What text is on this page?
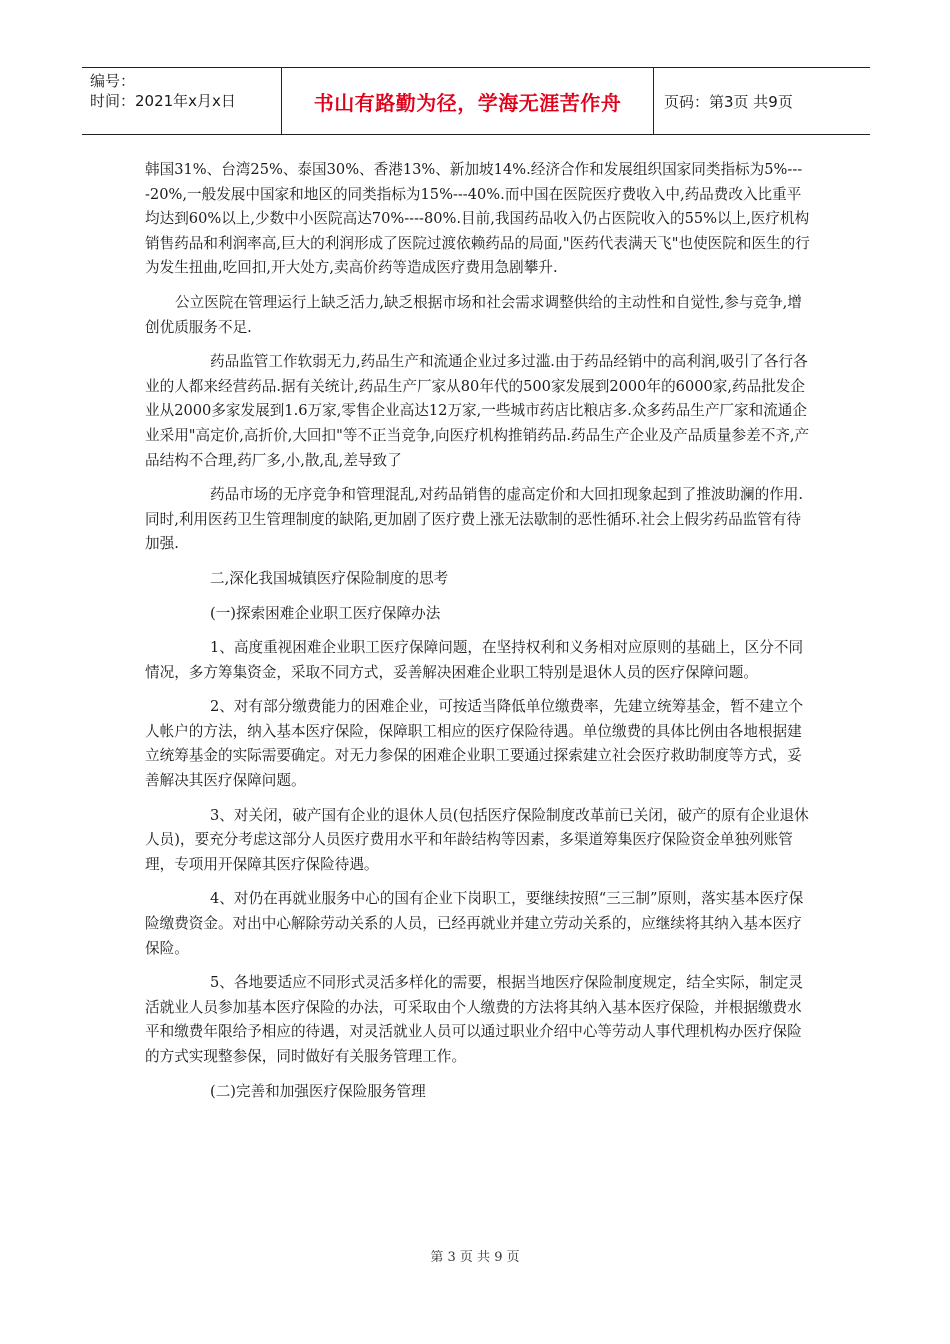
编号：
时间：2021年x月x日	书山有路勤为径，学海无涯苦作舟	页码：第3页 共9页

韩国31%、台湾25%、泰国30%、香港13%、新加坡14%.经济合作和发展组织国家同类指标为5%----20%,一般发展中国家和地区的同类指标为15%---40%.而中国在医院医疗费收入中,药品费改入比重平均达到60%以上,少数中小医院高达70%----80%.目前,我国药品收入仍占医院收入的55%以上,医疗机构销售药品和利润率高,巨大的利润形成了医院过渡依赖药品的局面,"医药代表满天飞"也使医院和医生的行为发生扭曲,吃回扣,开大处方,卖高价药等造成医疗费用急剧攀升.

公立医院在管理运行上缺乏活力,缺乏根据市场和社会需求调整供给的主动性和自觉性,参与竞争,增创优质服务不足.

药品监管工作软弱无力,药品生产和流通企业过多过滥.由于药品经销中的高利润,吸引了各行各业的人都来经营药品.据有关统计,药品生产厂家从80年代的500家发展到2000年的6000家,药品批发企业从2000多家发展到1.6万家,零售企业高达12万家,一些城市药店比粮店多.众多药品生产厂家和流通企业采用"高定价,高折价,大回扣"等不正当竞争,向医疗机构推销药品.药品生产企业及产品质量参差不齐,产品结构不合理,药厂多,小,散,乱,差导致了

药品市场的无序竞争和管理混乱,对药品销售的虚高定价和大回扣现象起到了推波助澜的作用.同时,利用医药卫生管理制度的缺陷,更加剧了医疗费上涨无法歇制的恶性循环.社会上假劣药品监管有待加强.

二,深化我国城镇医疗保险制度的思考

(一)探索困难企业职工医疗保障办法

1、高度重视困难企业职工医疗保障问题，在坚持权利和义务相对应原则的基础上，区分不同情况，多方筹集资金，采取不同方式，妥善解决困难企业职工特别是退休人员的医疗保障问题。

2、对有部分缴费能力的困难企业，可按适当降低单位缴费率，先建立统筹基金，暂不建立个人帐户的方法，纳入基本医疗保险，保障职工相应的医疗保险待遇。单位缴费的具体比例由各地根据建立统筹基金的实际需要确定。对无力参保的困难企业职工要通过探索建立社会医疗救助制度等方式，妥善解决其医疗保障问题。

3、对关闭，破产国有企业的退休人员(包括医疗保险制度改革前已关闭，破产的原有企业退休人员)，要充分考虑这部分人员医疗费用水平和年龄结构等因素，多渠道筹集医疗保险资金单独列账管理，专项用开保障其医疗保险待遇。

4、对仍在再就业服务中心的国有企业下岗职工，要继续按照“三三制”原则，落实基本医疗保险缴费资金。对出中心解除劳动关系的人员，已经再就业并建立劳动关系的，应继续将其纳入基本医疗保险。

5、各地要适应不同形式灵活多样化的需要，根据当地医疗保险制度规定，结全实际，制定灵活就业人员参加基本医疗保险的办法，可采取由个人缴费的方法将其纳入基本医疗保险，并根据缴费水平和缴费年限给予相应的待遇，对灵活就业人员可以通过职业介绍中心等劳动人事代理机构办医疗保险的方式实现整参保，同时做好有关服务管理工作。

(二)完善和加强医疗保险服务管理

第 3 页 共 9 页
